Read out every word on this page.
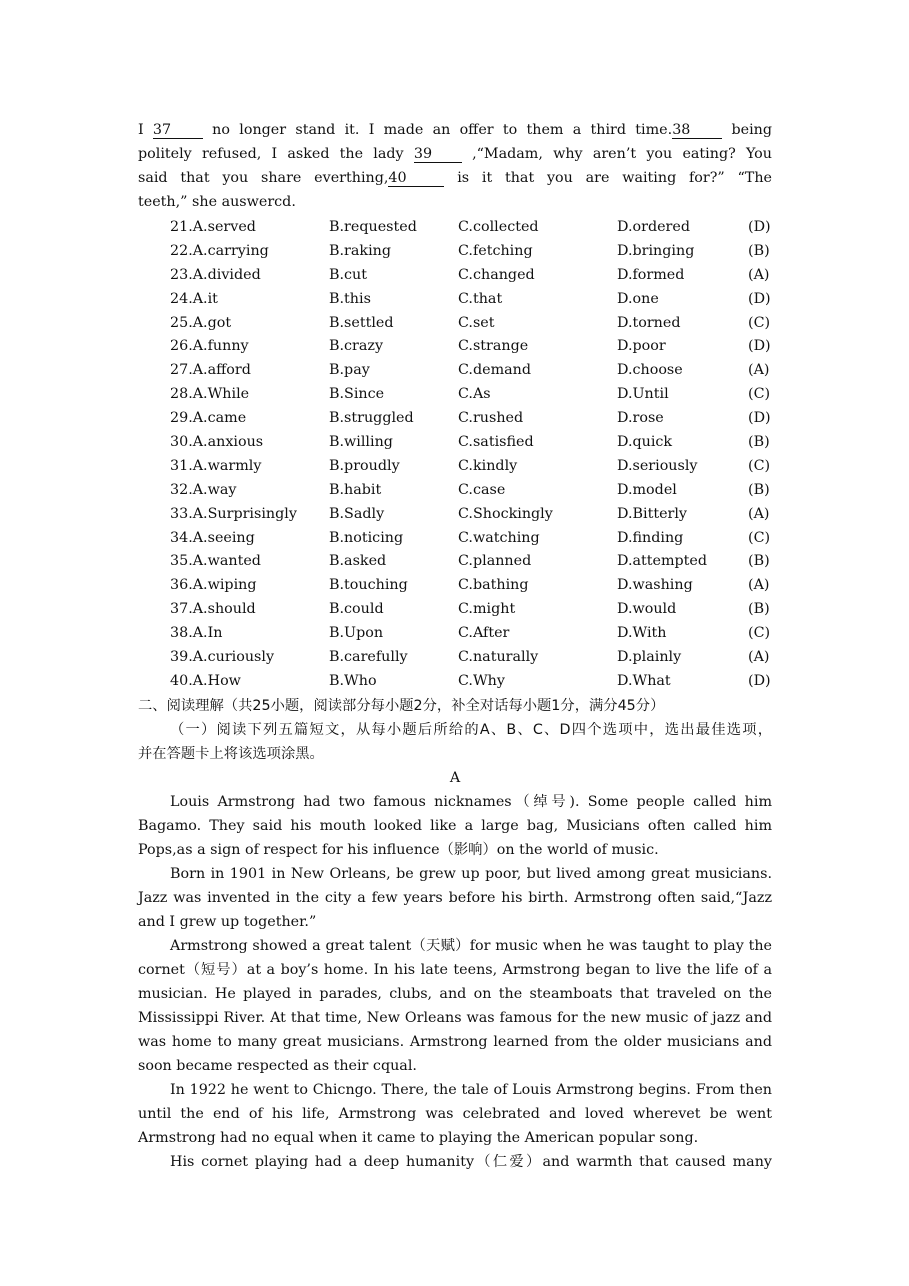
I 37 no longer stand it. I made an offer to them a third time.38 being
politely refused, I asked the lady 39 ,“Madam, why aren’t you eating? You
said that you share everthing,40	is it that you are waiting for?” “The
teeth,” she auswercd.
21.A.served	B.requested	C.collected	D.ordered	(D)
22.A.carrying	B.raking	C.fetching	D.bringing	(B)
23.A.divided	B.cut	C.changed	D.formed	(A)
24.A.it	B.this	C.that	D.one	(D)
25.A.got	B.settled	C.set	D.torned	(C)
26.A.funny	B.crazy	C.strange	D.poor	(D)
27.A.afford	B.pay	C.demand	D.choose	(A)
28.A.While	B.Since	C.As	D.Until	(C)
29.A.came	B.struggled	C.rushed	D.rose	(D)
30.A.anxious	B.willing	C.satisfied	D.quick	(B)
31.A.warmly	B.proudly	C.kindly	D.seriously	(C)
32.A.way	B.habit	C.case	D.model	(B)
33.A.Surprisingly B.Sadly	C.Shockingly	D.Bitterly	(A)
34.A.seeing	B.noticing	C.watching	D.finding	(C)
35.A.wanted	B.asked	C.planned	D.attempted	(B)
36.A.wiping	B.touching	C.bathing	D.washing	(A)
37.A.should	B.could	C.might	D.would	(B)
38.A.In	B.Upon	C.After	D.With	(C)
39.A.curiously	B.carefully	C.naturally	D.plainly	(A)
40.A.How	B.Who	C.Why	D.What	(D)
二、阅读理解（共25小题，阅读部分每小题2分，补全对话每小题1分，满分45分）
（一）阅读下列五篇短文，从每小题后所给的A、B、C、D四个选项中，选出最佳选项，
并在答题卡上将该选项涂黑。
A
Louis Armstrong had two famous nicknames（绰号). Some people called him Bagamo. They said his mouth looked like a large bag, Musicians often called him Pops,as a sign of respect for his influence（影响）on the world of music.
Born in 1901 in New Orleans, be grew up poor, but lived among great musicians. Jazz was invented in the city a few years before his birth. Armstrong often said,“Jazz and I grew up together.”
Armstrong showed a great talent（天赋）for music when he was taught to play the cornet（短号）at a boy’s home. In his late teens, Armstrong began to live the life of a musician. He played in parades, clubs, and on the steamboats that traveled on the Mississippi River. At that time, New Orleans was famous for the new music of jazz and was home to many great musicians. Armstrong learned from the older musicians and soon became respected as their cqual.
In 1922 he went to Chicngo. There, the tale of Louis Armstrong begins. From then until the end of his life, Armstrong was celebrated and loved wherevet be went Armstrong had no equal when it came to playing the American popular song.
His cornet playing had a deep humanity（仁爱）and warmth that caused many
